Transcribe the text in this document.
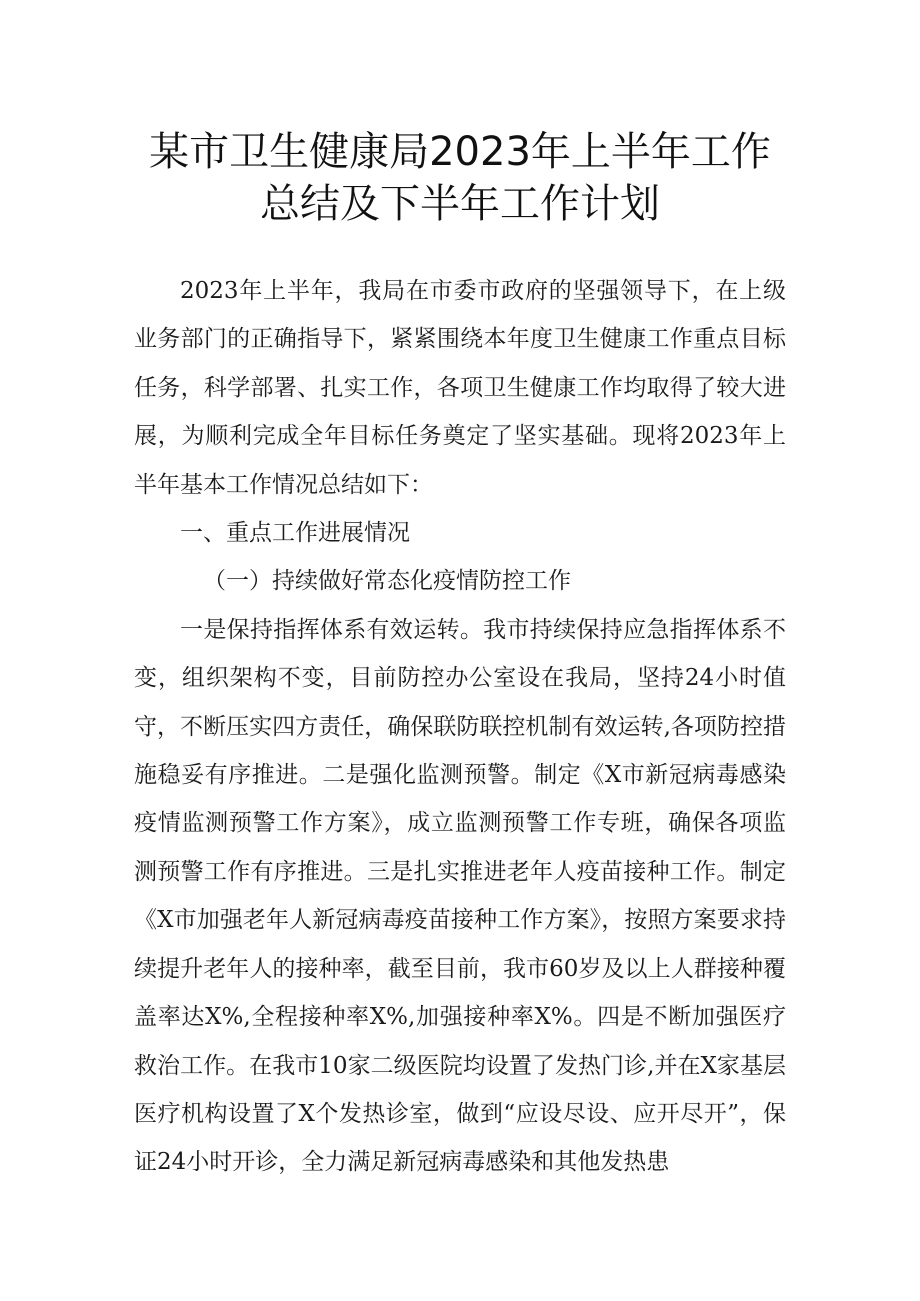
某市卫生健康局2023年上半年工作
总结及下半年工作计划

2023年上半年，我局在市委市政府的坚强领导下，在上级业务部门的正确指导下，紧紧围绕本年度卫生健康工作重点目标任务，科学部署、扎实工作，各项卫生健康工作均取得了较大进展，为顺利完成全年目标任务奠定了坚实基础。现将2023年上半年基本工作情况总结如下：

一、重点工作进展情况

（一）持续做好常态化疫情防控工作

一是保持指挥体系有效运转。我市持续保持应急指挥体系不变，组织架构不变，目前防控办公室设在我局，坚持24小时值守，不断压实四方责任，确保联防联控机制有效运转,各项防控措施稳妥有序推进。二是强化监测预警。制定《X市新冠病毒感染疫情监测预警工作方案》，成立监测预警工作专班，确保各项监测预警工作有序推进。三是扎实推进老年人疫苗接种工作。制定《X市加强老年人新冠病毒疫苗接种工作方案》，按照方案要求持续提升老年人的接种率，截至目前，我市60岁及以上人群接种覆盖率达X%,全程接种率X%,加强接种率X%。四是不断加强医疗救治工作。在我市10家二级医院均设置了发热门诊,并在X家基层医疗机构设置了X个发热诊室，做到“应设尽设、应开尽开”，保证24小时开诊，全力满足新冠病毒感染和其他发热患
